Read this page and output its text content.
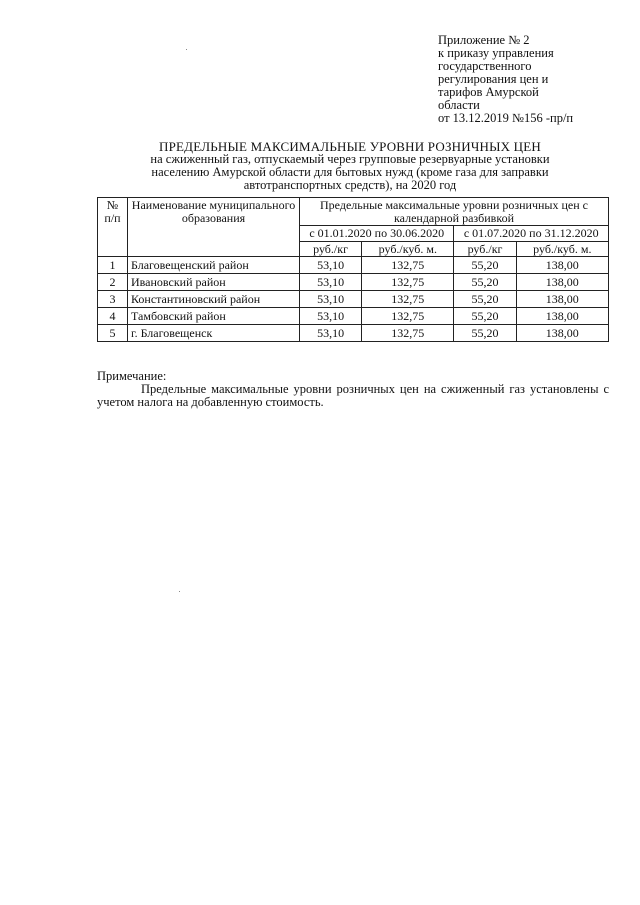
Приложение № 2
к приказу управления
государственного
регулирования цен и
тарифов Амурской
области
от 13.12.2019 №156 -пр/п
ПРЕДЕЛЬНЫЕ МАКСИМАЛЬНЫЕ УРОВНИ РОЗНИЧНЫХ ЦЕН
на сжиженный газ, отпускаемый через групповые резервуарные установки
населению Амурской области для бытовых нужд (кроме газа для заправки
автотранспортных средств), на 2020 год
№ п/п	Наименование муниципального образования	Предельные максимальные уровни розничных цен с календарной разбивкой			
		с 01.01.2020 по 30.06.2020		с 01.07.2020 по 31.12.2020	
		руб./кг	руб./куб. м.	руб./кг	руб./куб. м.
1	Благовещенский район	53,10	132,75	55,20	138,00
2	Ивановский район	53,10	132,75	55,20	138,00
3	Константиновский район	53,10	132,75	55,20	138,00
4	Тамбовский район	53,10	132,75	55,20	138,00
5	г. Благовещенск	53,10	132,75	55,20	138,00
Примечание:
Предельные максимальные уровни розничных цен на сжиженный газ установлены с учетом налога на добавленную стоимость.
